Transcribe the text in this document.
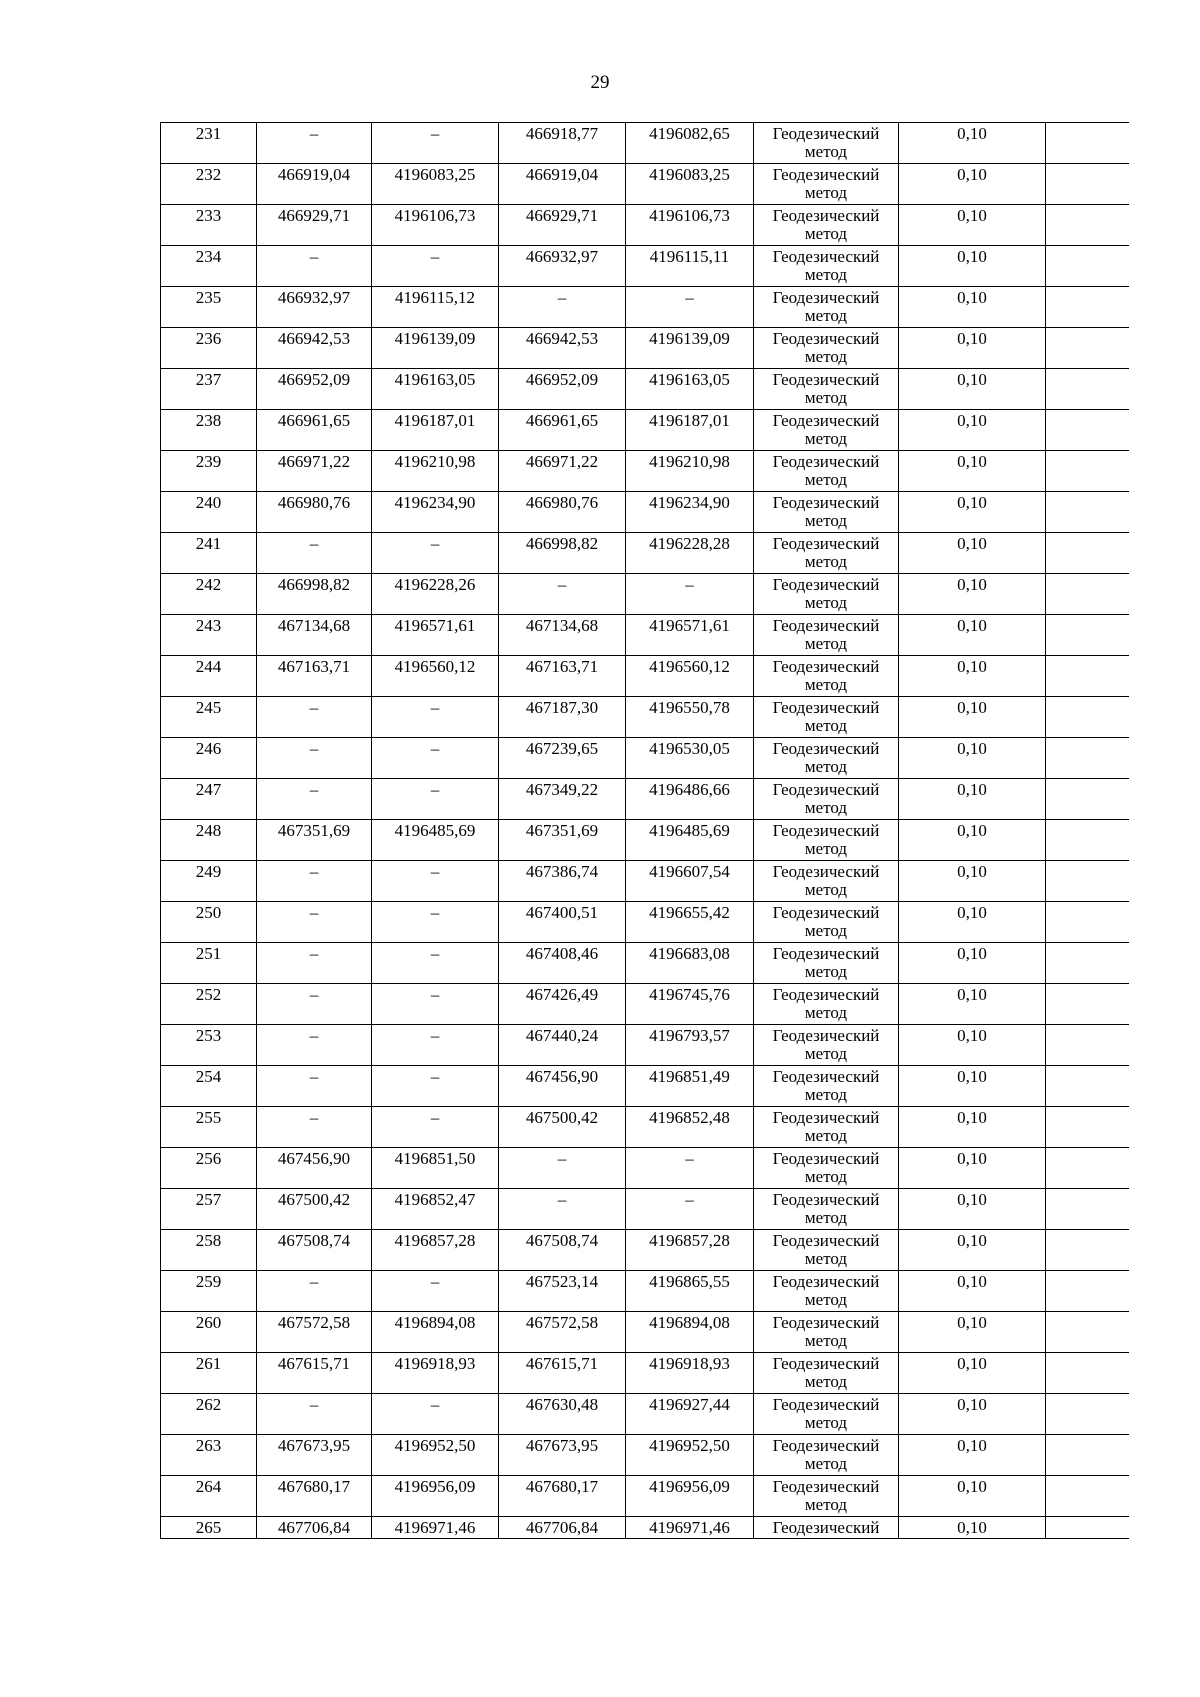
29
231	–	–	466918,77	4196082,65	Геодезический метод	0,10	
232	466919,04	4196083,25	466919,04	4196083,25	Геодезический метод	0,10	
233	466929,71	4196106,73	466929,71	4196106,73	Геодезический метод	0,10	
234	–	–	466932,97	4196115,11	Геодезический метод	0,10	
235	466932,97	4196115,12	–	–	Геодезический метод	0,10	
236	466942,53	4196139,09	466942,53	4196139,09	Геодезический метод	0,10	
237	466952,09	4196163,05	466952,09	4196163,05	Геодезический метод	0,10	
238	466961,65	4196187,01	466961,65	4196187,01	Геодезический метод	0,10	
239	466971,22	4196210,98	466971,22	4196210,98	Геодезический метод	0,10	
240	466980,76	4196234,90	466980,76	4196234,90	Геодезический метод	0,10	
241	–	–	466998,82	4196228,28	Геодезический метод	0,10	
242	466998,82	4196228,26	–	–	Геодезический метод	0,10	
243	467134,68	4196571,61	467134,68	4196571,61	Геодезический метод	0,10	
244	467163,71	4196560,12	467163,71	4196560,12	Геодезический метод	0,10	
245	–	–	467187,30	4196550,78	Геодезический метод	0,10	
246	–	–	467239,65	4196530,05	Геодезический метод	0,10	
247	–	–	467349,22	4196486,66	Геодезический метод	0,10	
248	467351,69	4196485,69	467351,69	4196485,69	Геодезический метод	0,10	
249	–	–	467386,74	4196607,54	Геодезический метод	0,10	
250	–	–	467400,51	4196655,42	Геодезический метод	0,10	
251	–	–	467408,46	4196683,08	Геодезический метод	0,10	
252	–	–	467426,49	4196745,76	Геодезический метод	0,10	
253	–	–	467440,24	4196793,57	Геодезический метод	0,10	
254	–	–	467456,90	4196851,49	Геодезический метод	0,10	
255	–	–	467500,42	4196852,48	Геодезический метод	0,10	
256	467456,90	4196851,50	–	–	Геодезический метод	0,10	
257	467500,42	4196852,47	–	–	Геодезический метод	0,10	
258	467508,74	4196857,28	467508,74	4196857,28	Геодезический метод	0,10	
259	–	–	467523,14	4196865,55	Геодезический метод	0,10	
260	467572,58	4196894,08	467572,58	4196894,08	Геодезический метод	0,10	
261	467615,71	4196918,93	467615,71	4196918,93	Геодезический метод	0,10	
262	–	–	467630,48	4196927,44	Геодезический метод	0,10	
263	467673,95	4196952,50	467673,95	4196952,50	Геодезический метод	0,10	
264	467680,17	4196956,09	467680,17	4196956,09	Геодезический метод	0,10	
265	467706,84	4196971,46	467706,84	4196971,46	Геодезический	0,10	
